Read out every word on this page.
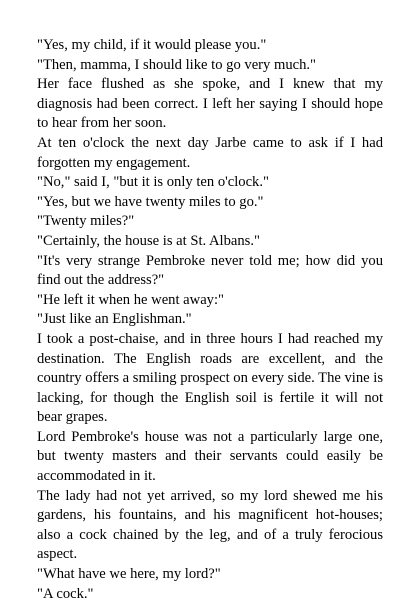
"Yes, my child, if it would please you."

"Then, mamma, I should like to go very much."

Her face flushed as she spoke, and I knew that my diagnosis had been correct. I left her saying I should hope to hear from her soon.

At ten o'clock the next day Jarbe came to ask if I had forgotten my engagement.

"No," said I, "but it is only ten o'clock."

"Yes, but we have twenty miles to go."

"Twenty miles?"

"Certainly, the house is at St. Albans."

"It's very strange Pembroke never told me; how did you find out the address?"

"He left it when he went away:"

"Just like an Englishman."

I took a post-chaise, and in three hours I had reached my destination. The English roads are excellent, and the country offers a smiling prospect on every side. The vine is lacking, for though the English soil is fertile it will not bear grapes.

Lord Pembroke's house was not a particularly large one, but twenty masters and their servants could easily be accommodated in it.

The lady had not yet arrived, so my lord shewed me his gardens, his fountains, and his magnificent hot-houses; also a cock chained by the leg, and of a truly ferocious aspect.

"What have we here, my lord?"

"A cock."
